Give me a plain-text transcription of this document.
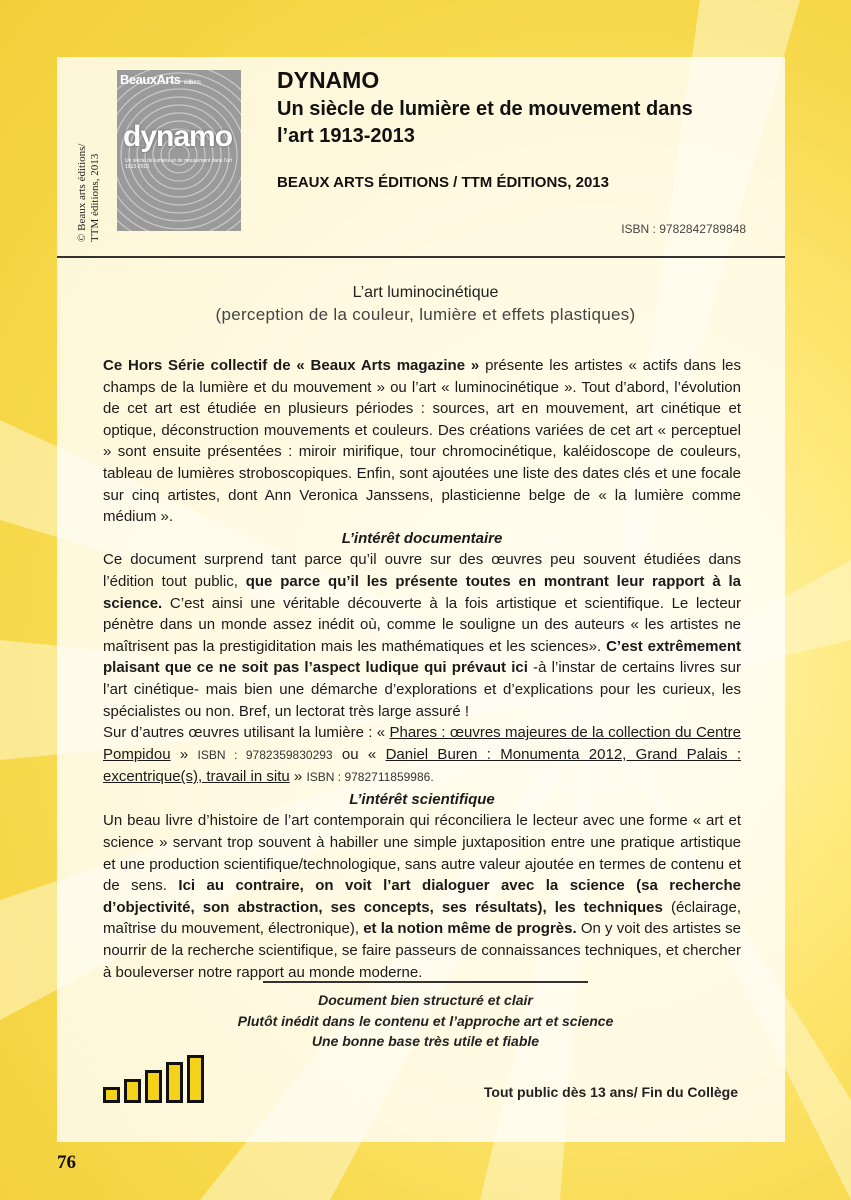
© Beaux arts éditions/ TTM éditions, 2013
BeauxArts éditions
dynamo
Un siècle de lumière et de mouvement dans l'art 1913-2013
DYNAMO
Un siècle de lumière et de mouvement dans
l’art 1913-2013
BEAUX ARTS ÉDITIONS / TTM ÉDITIONS, 2013
ISBN : 9782842789848
L’art luminocinétique
(perception de la couleur, lumière et effets plastiques)

Ce Hors Série collectif de « Beaux Arts magazine » présente les artistes « actifs dans les champs de la lumière et du mouvement » ou l’art « luminocinétique ». Tout d’abord, l’évolution de cet art est étudiée en plusieurs périodes : sources, art en mouvement, art cinétique et optique, déconstruction mouvements et couleurs. Des créations variées de cet art « perceptuel » sont ensuite présentées : miroir mirifique, tour chromocinétique, kaléidoscope de couleurs, tableau de lumières stroboscopiques. Enfin, sont ajoutées une liste des dates clés et une focale sur cinq artistes, dont Ann Veronica Janssens, plasticienne belge de « la lumière comme médium ».

L’intérêt documentaire

Ce document surprend tant parce qu’il ouvre sur des œuvres peu souvent étudiées dans l’édition tout public, que parce qu’il les présente toutes en montrant leur rapport à la science. C’est ainsi une véritable découverte à la fois artistique et scientifique. Le lecteur pénètre dans un monde assez inédit où, comme le souligne un des auteurs « les artistes ne maîtrisent pas la prestigiditation mais les mathématiques et les sciences». C’est extrêmement plaisant que ce ne soit pas l’aspect ludique qui prévaut ici -à l’instar de certains livres sur l’art cinétique- mais bien une démarche d’explorations et d’explications pour les curieux, les spécialistes ou non. Bref, un lectorat très large assuré !

Sur d’autres œuvres utilisant la lumière : « Phares : œuvres majeures de la collection du Centre Pompidou » ISBN : 9782359830293 ou « Daniel Buren : Monumenta 2012, Grand Palais : excentrique(s), travail in situ » ISBN : 9782711859986.

L’intérêt scientifique

Un beau livre d’histoire de l’art contemporain qui réconciliera le lecteur avec une forme « art et science » servant trop souvent à habiller une simple juxtaposition entre une pratique artistique et une production scientifique/technologique, sans autre valeur ajoutée en termes de contenu et de sens. Ici au contraire, on voit l’art dialoguer avec la science (sa recherche d’objectivité, son abstraction, ses concepts, ses résultats), les techniques (éclairage, maîtrise du mouvement, électronique), et la notion même de progrès. On y voit des artistes se nourrir de la recherche scientifique, se faire passeurs de connaissances techniques, et chercher à bouleverser notre rapport au monde moderne.

Document bien structuré et clair
Plutôt inédit dans le contenu et l’approche art et science
Une bonne base très utile et fiable
Tout public dès 13 ans/ Fin du Collège
76
